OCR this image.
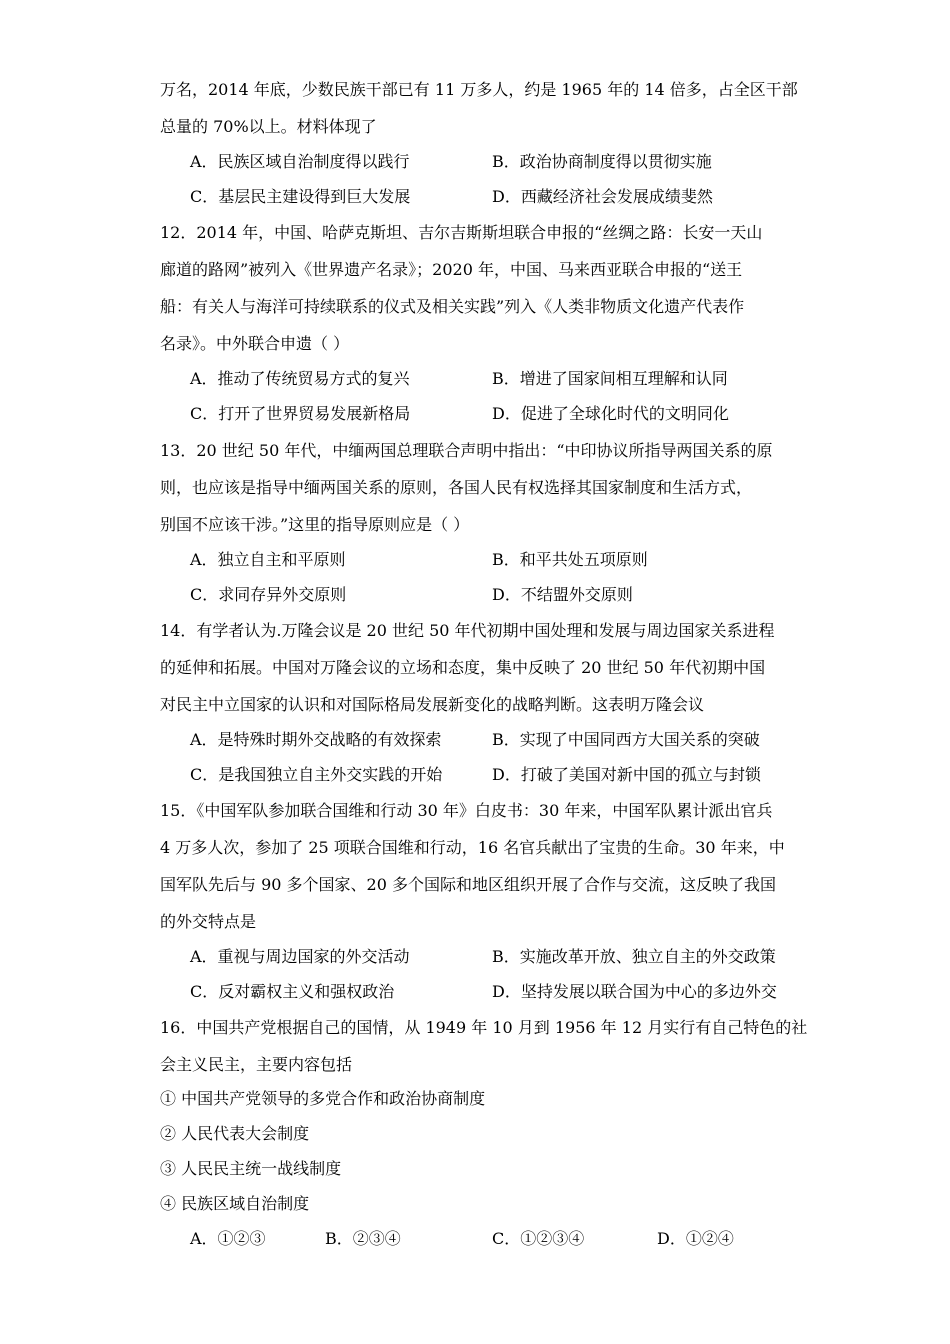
万名，2014 年底，少数民族干部已有 11 万多人，约是 1965 年的 14 倍多，占全区干部
总量的 70%以上。材料体现了
A．民族区域自治制度得以践行	B．政治协商制度得以贯彻实施
C．基层民主建设得到巨大发展	D．西藏经济社会发展成绩斐然
12．2014 年，中国、哈萨克斯坦、吉尔吉斯斯坦联合申报的“丝绸之路：长安一天山
廊道的路网”被列入《世界遗产名录》；2020 年，中国、马来西亚联合申报的“送王
船：有关人与海洋可持续联系的仪式及相关实践”列入《人类非物质文化遗产代表作
名录》。中外联合申遗（ ）
A．推动了传统贸易方式的复兴	B．增进了国家间相互理解和认同
C．打开了世界贸易发展新格局	D．促进了全球化时代的文明同化
13．20 世纪 50 年代，中缅两国总理联合声明中指出：“中印协议所指导两国关系的原
则，也应该是指导中缅两国关系的原则，各国人民有权选择其国家制度和生活方式，
别国不应该干涉。”这里的指导原则应是（ ）
A．独立自主和平原则	B．和平共处五项原则
C．求同存异外交原则	D．不结盟外交原则
14．有学者认为.万隆会议是 20 世纪 50 年代初期中国处理和发展与周边国家关系进程
的延伸和拓展。中国对万隆会议的立场和态度，集中反映了 20 世纪 50 年代初期中国
对民主中立国家的认识和对国际格局发展新变化的战略判断。这表明万隆会议
A．是特殊时期外交战略的有效探索	B．实现了中国同西方大国关系的突破
C．是我国独立自主外交实践的开始	D．打破了美国对新中国的孤立与封锁
15．《中国军队参加联合国维和行动 30 年》白皮书：30 年来，中国军队累计派出官兵
4 万多人次，参加了 25 项联合国维和行动，16 名官兵献出了宝贵的生命。30 年来，中
国军队先后与 90 多个国家、20 多个国际和地区组织开展了合作与交流，这反映了我国
的外交特点是
A．重视与周边国家的外交活动	B．实施改革开放、独立自主的外交政策
C．反对霸权主义和强权政治	D．坚持发展以联合国为中心的多边外交
16．中国共产党根据自己的国情，从 1949 年 10 月到 1956 年 12 月实行有自己特色的社
会主义民主，主要内容包括
① 中国共产党领导的多党合作和政治协商制度
② 人民代表大会制度
③ 人民民主统一战线制度
④ 民族区域自治制度
A．①②③	B．②③④	C．①②③④	D．①②④
